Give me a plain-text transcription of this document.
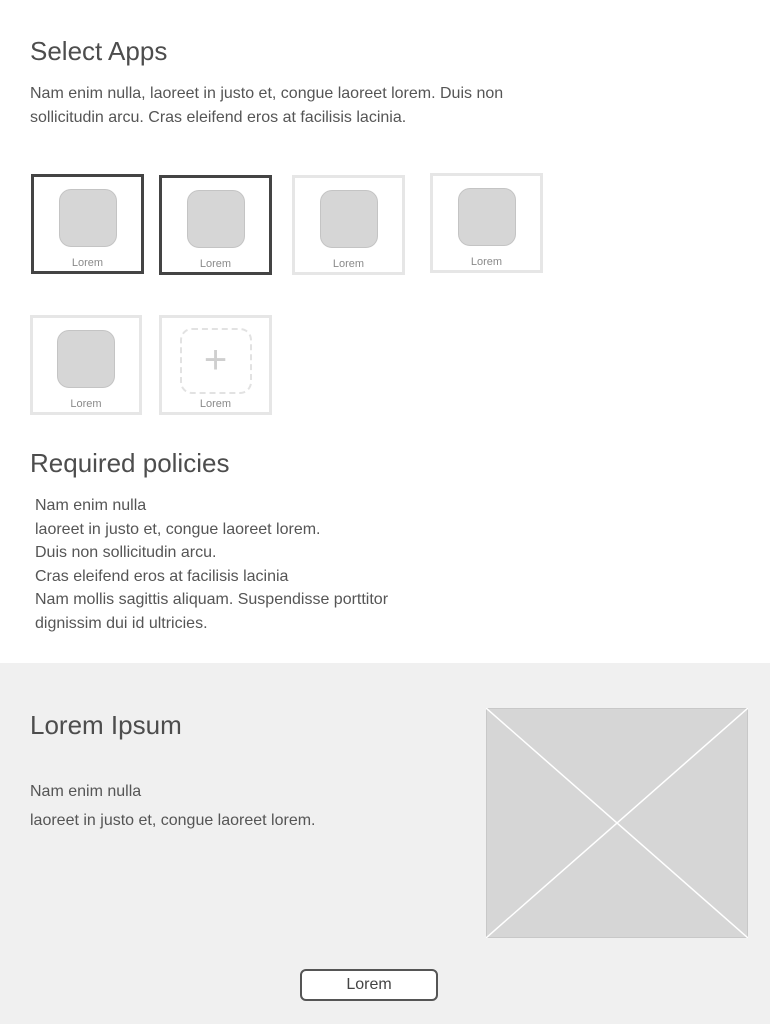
Select Apps

Nam enim nulla, laoreet in justo et, congue laoreet lorem. Duis non
sollicitudin arcu. Cras eleifend eros at facilisis lacinia.

Lorem	Lorem	Lorem	Lorem
Lorem
+
Lorem
Required policies
Nam enim nulla
laoreet in justo et, congue laoreet lorem.
Duis non sollicitudin arcu.
Cras eleifend eros at facilisis lacinia
Nam mollis sagittis aliquam. Suspendisse porttitor
dignissim dui id ultricies.
Lorem Ipsum

Nam enim nulla

laoreet in justo et, congue laoreet lorem.

Lorem
